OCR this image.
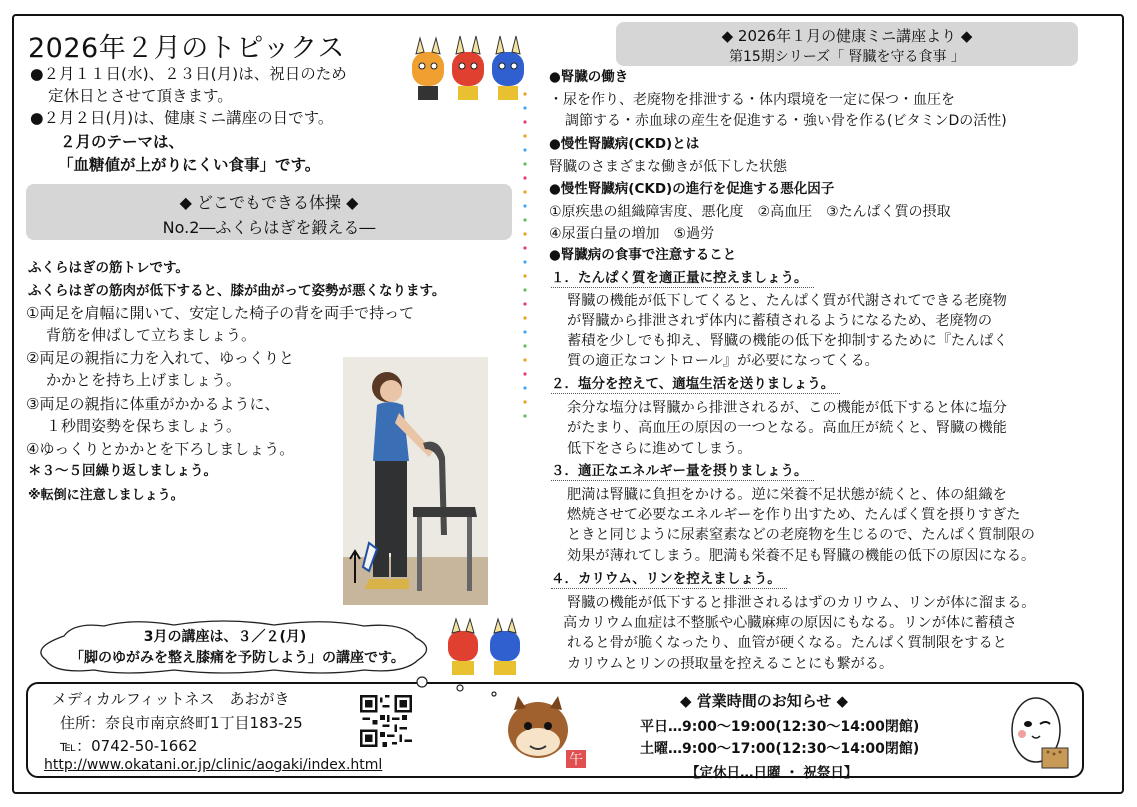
2026年２月のトピックス
●２月１１日(水)、２３日(月)は、祝日のため
定休日とさせて頂きます。
●２月２日(月)は、健康ミニ講座の日です。
２月のテーマは、
「血糖値が上がりにくい食事」です。
◆ どこでもできる体操 ◆
No.2―ふくらはぎを鍛える―
ふくらはぎの筋トレです。
ふくらはぎの筋肉が低下すると、膝が曲がって姿勢が悪くなります。
①両足を肩幅に開いて、安定した椅子の背を両手で持って
背筋を伸ばして立ちましょう。
②両足の親指に力を入れて、ゆっくりと
かかとを持ち上げましょう。
③両足の親指に体重がかかるように、
１秒間姿勢を保ちましょう。
④ゆっくりとかかとを下ろしましょう。
＊３～５回繰り返しましょう。
※転倒に注意しましょう。
3月の講座は、３／２(月)
「脚のゆがみを整え膝痛を予防しよう」の講座です。
◆ 2026年１月の健康ミニ講座より ◆
第15期シリーズ「 腎臓を守る食事 」
●腎臓の働き
・尿を作り、老廃物を排泄する・体内環境を一定に保つ・血圧を
調節する・赤血球の産生を促進する・強い骨を作る(ビタミンDの活性)
●慢性腎臓病(CKD)とは
腎臓のさまざまな働きが低下した状態
●慢性腎臓病(CKD)の進行を促進する悪化因子
①原疾患の組織障害度、悪化度　②高血圧　③たんぱく質の摂取
④尿蛋白量の増加　⑤過労
●腎臓病の食事で注意すること
１．たんぱく質を適正量に控えましょう。
腎臓の機能が低下してくると、たんぱく質が代謝されてできる老廃物
が腎臓から排泄されず体内に蓄積されるようになるため、老廃物の
蓄積を少しでも抑え、腎臓の機能の低下を抑制するために『たんぱく
質の適正なコントロール』が必要になってくる。
２．塩分を控えて、適塩生活を送りましょう。
余分な塩分は腎臓から排泄されるが、この機能が低下すると体に塩分
がたまり、高血圧の原因の一つとなる。高血圧が続くと、腎臓の機能
低下をさらに進めてしまう。
３．適正なエネルギー量を摂りましょう。
肥満は腎臓に負担をかける。逆に栄養不足状態が続くと、体の組織を
燃焼させて必要なエネルギーを作り出すため、たんぱく質を摂りすぎた
ときと同じように尿素窒素などの老廃物を生じるので、たんぱく質制限の
効果が薄れてしまう。肥満も栄養不足も腎臓の機能の低下の原因になる。
４．カリウム、リンを控えましょう。
腎臓の機能が低下すると排泄されるはずのカリウム、リンが体に溜まる。
高カリウム血症は不整脈や心臓麻痺の原因にもなる。リンが体に蓄積さ
れると骨が脆くなったり、血管が硬くなる。たんぱく質制限をすると
カリウムとリンの摂取量を控えることにも繋がる。
メディカルフィットネス　あおがき
住所：奈良市南京終町1丁目183-25
℡：0742-50-1662
http://www.okatani.or.jp/clinic/aogaki/index.html	午
◆ 営業時間のお知らせ ◆
平日…9:00～19:00(12:30～14:00閉館)
土曜…9:00～17:00(12:30～14:00閉館)
【定休日…日曜 ・ 祝祭日】
